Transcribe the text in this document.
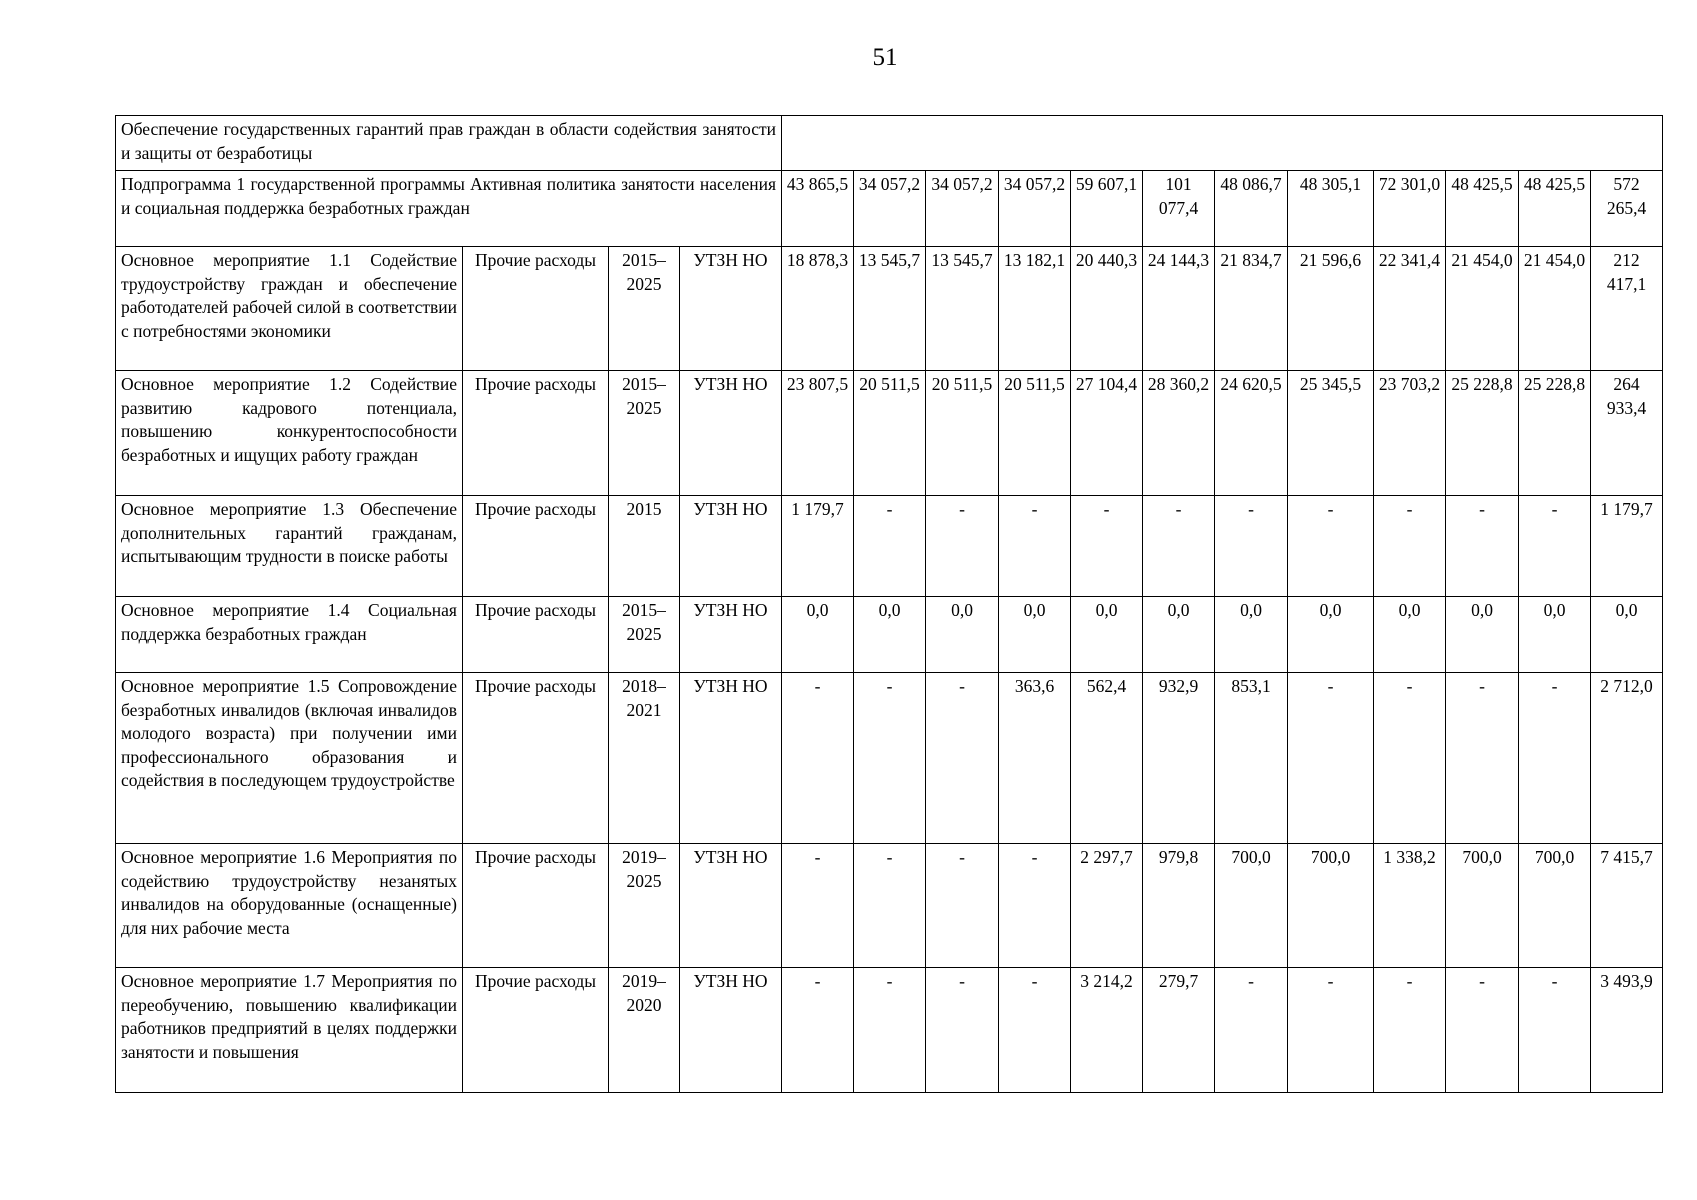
51
Обеспечение государственных гарантий прав граждан в области содействия занятости и защиты от безработицы															
Подпрограмма 1 государственной программы Активная политика занятости населения и социальная поддержка безработных граждан				43 865,5	34 057,2	34 057,2	34 057,2	59 607,1	101 077,4	48 086,7	48 305,1	72 301,0	48 425,5	48 425,5	572 265,4
Основное мероприятие 1.1 Содействие трудоустройству граждан и обеспечение работодателей рабочей силой в соответствии с потребностями экономики	Прочие расходы	2015–2025	УТЗН НО	18 878,3	13 545,7	13 545,7	13 182,1	20 440,3	24 144,3	21 834,7	21 596,6	22 341,4	21 454,0	21 454,0	212 417,1
Основное мероприятие 1.2 Содействие развитию кадрового потенциала, повышению конкурентоспособности безработных и ищущих работу граждан	Прочие расходы	2015–2025	УТЗН НО	23 807,5	20 511,5	20 511,5	20 511,5	27 104,4	28 360,2	24 620,5	25 345,5	23 703,2	25 228,8	25 228,8	264 933,4
Основное мероприятие 1.3 Обеспечение дополнительных гарантий гражданам, испытывающим трудности в поиске работы	Прочие расходы	2015	УТЗН НО	1 179,7	-	-	-	-	-	-	-	-	-	-	1 179,7
Основное мероприятие 1.4 Социальная поддержка безработных граждан	Прочие расходы	2015–2025	УТЗН НО	0,0	0,0	0,0	0,0	0,0	0,0	0,0	0,0	0,0	0,0	0,0	0,0
Основное мероприятие 1.5 Сопровождение безработных инвалидов (включая инвалидов молодого возраста) при получении ими профессионального образования и содействия в последующем трудоустройстве	Прочие расходы	2018–2021	УТЗН НО	-	-	-	363,6	562,4	932,9	853,1	-	-	-	-	2 712,0
Основное мероприятие 1.6 Мероприятия по содействию трудоустройству незанятых инвалидов на оборудованные (оснащенные) для них рабочие места	Прочие расходы	2019–2025	УТЗН НО	-	-	-	-	2 297,7	979,8	700,0	700,0	1 338,2	700,0	700,0	7 415,7
Основное мероприятие 1.7 Мероприятия по переобучению, повышению квалификации работников предприятий в целях поддержки занятости и повышения	Прочие расходы	2019–2020	УТЗН НО	-	-	-	-	3 214,2	279,7	-	-	-	-	-	3 493,9
